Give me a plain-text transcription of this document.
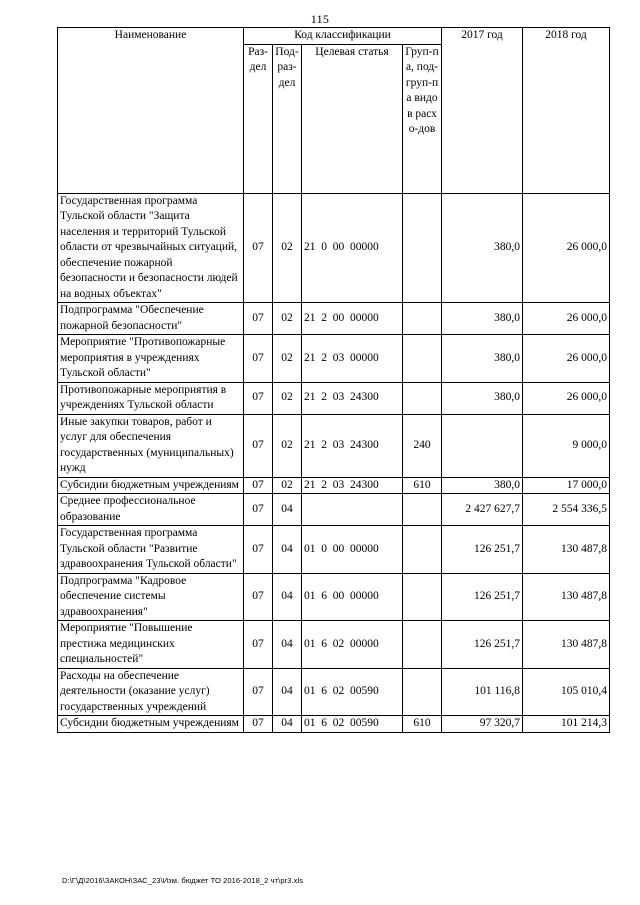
115
Наименование	Код классификации				2017 год	2018 год
	Раз-дел	Под-раз-дел	Целевая статья	Груп-па, под-груп-па видов расхо-дов		
Государственная программа Тульской области "Защита населения и территорий Тульской области от чрезвычайных ситуаций, обеспечение пожарной безопасности и безопасности людей на водных объектах"	07	02	21  0  00  00000		380,0	26 000,0
Подпрограмма "Обеспечение пожарной безопасности"	07	02	21  2  00  00000		380,0	26 000,0
Мероприятие "Противопожарные мероприятия в учреждениях Тульской области"	07	02	21  2  03  00000		380,0	26 000,0
Противопожарные мероприятия в учреждениях Тульской области	07	02	21  2  03  24300		380,0	26 000,0
Иные закупки товаров, работ и услуг для обеспечения государственных (муниципальных) нужд	07	02	21  2  03  24300	240		9 000,0
Субсидии бюджетным учреждениям	07	02	21  2  03  24300	610	380,0	17 000,0
Среднее профессиональное образование	07	04			2 427 627,7	2 554 336,5
Государственная программа Тульской области "Развитие здравоохранения Тульской области"	07	04	01  0  00  00000		126 251,7	130 487,8
Подпрограмма "Кадровое обеспечение системы здравоохранения"	07	04	01  6  00  00000		126 251,7	130 487,8
Мероприятие "Повышение престижа медицинских специальностей"	07	04	01  6  02  00000		126 251,7	130 487,8
Расходы на обеспечение деятельности (оказание услуг) государственных учреждений	07	04	01  6  02  00590		101 116,8	105 010,4
Субсидии бюджетным учреждениям	07	04	01  6  02  00590	610	97 320,7	101 214,3
D:\Г\Д\2016\ЗАКОН\ЗАС_23\Изм. бюджет ТО 2016-2018_2 чт\pr3.xls
